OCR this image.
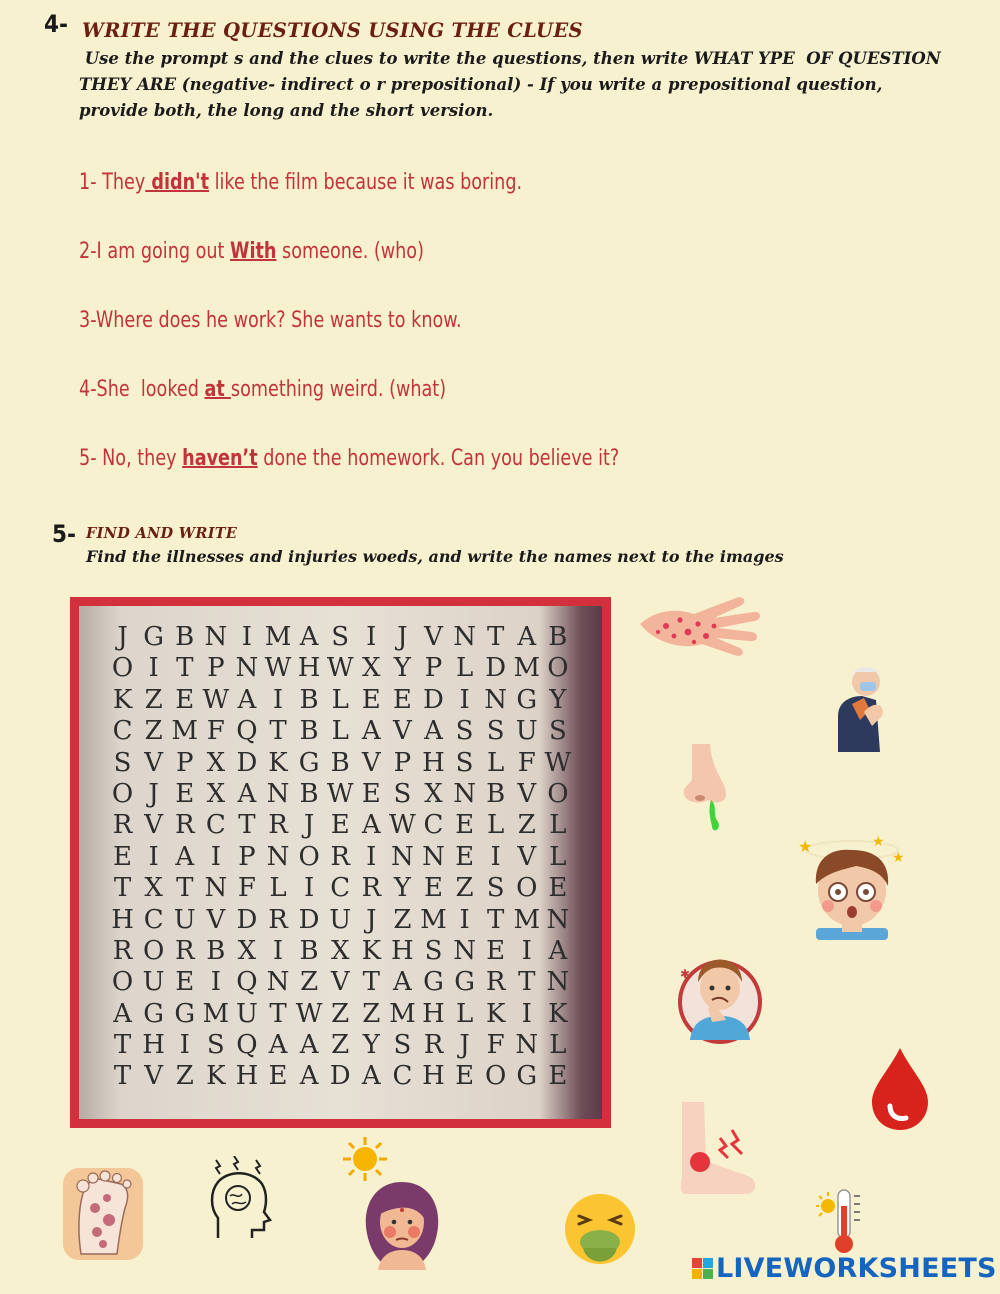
4- WRITE THE QUESTIONS USING THE CLUES
Use the prompt s and the clues to write the questions, then write WHAT YPE  OF QUESTION
THEY ARE (negative- indirect o r prepositional) - If you write a prepositional question,
provide both, the long and the short version.
1- They didn't like the film because it was boring.
2-I am going out With someone. (who)
3-Where does he work? She wants to know.
4-She  looked at something weird. (what)
5- No, they haven’t done the homework. Can you believe it?
5- FIND AND WRITE
Find the illnesses and injuries woeds, and write the names next to the images
J G B N I M A S I J V N T A B
O I T P N W H W X Y P L D M O
K Z E W A I B L E E D I N G Y
C Z M F Q T B L A V A S S U S
S V P X D K G B V P H S L F W
O J E X A N B W E S X N B V O
R V R C T R J E A W C E L Z L
E I A I P N O R I N N E I V L
T X T N F L I C R Y E Z S O E
H C U V D R D U J Z M I T M N
R O R B X I B X K H S N E I A
O U E I Q N Z V T A G G R T N
A G G M U T W Z Z M H L K I K
T H I S Q A A Z Y S R J F N L
T V Z K H E A D A C H E O G E
★	★
★
✱
LIVEWORKSHEETS
